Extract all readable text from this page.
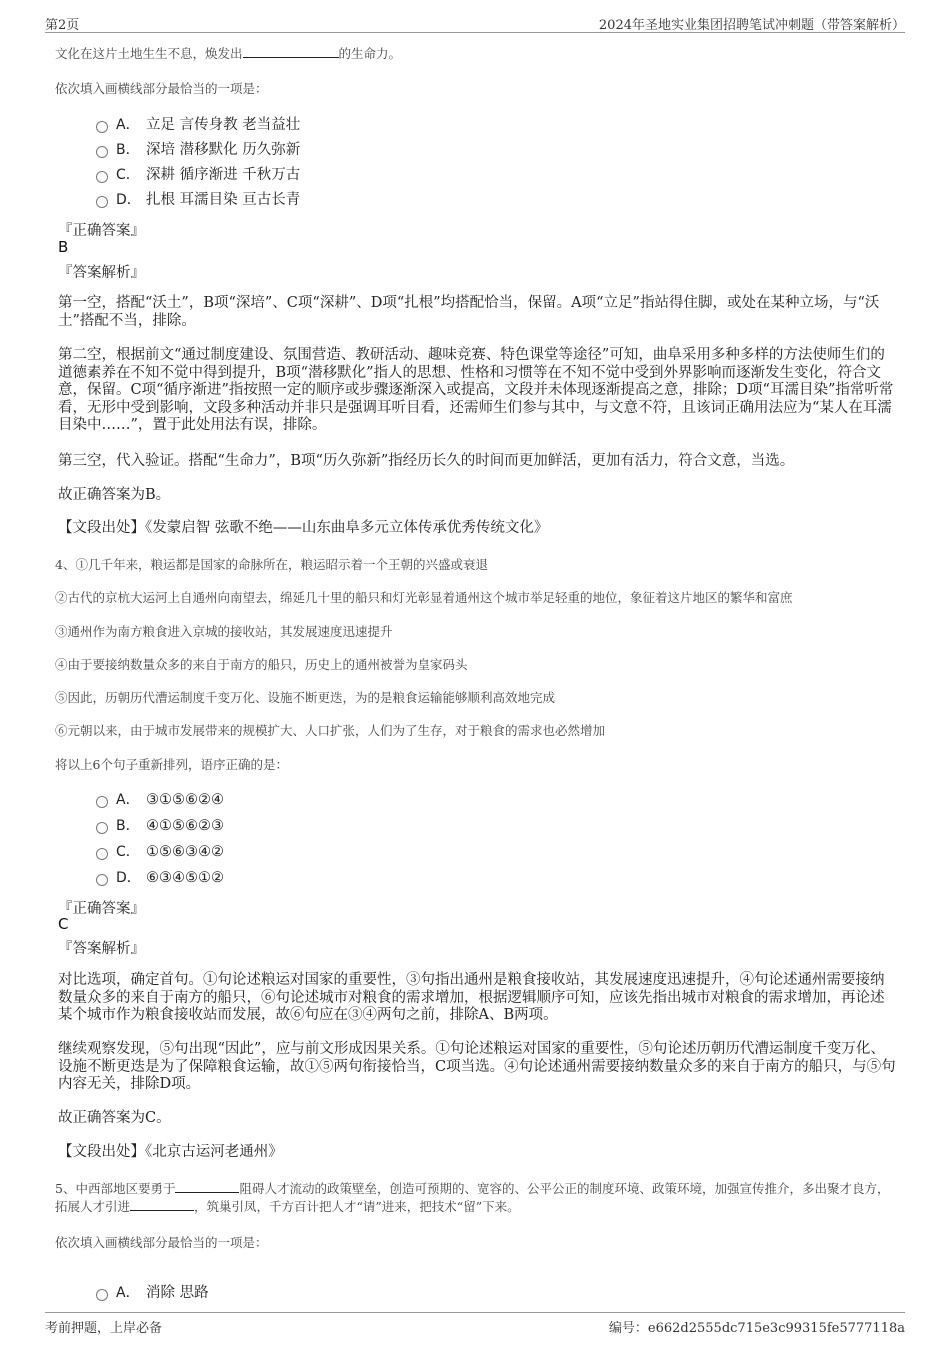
第2页	2024年圣地实业集团招聘笔试冲刺题（带答案解析）
文化在这片土地生生不息，焕发出	的生命力。
依次填入画横线部分最恰当的一项是：
A． 立足 言传身教 老当益壮
B． 深培 潜移默化 历久弥新
C． 深耕 循序渐进 千秋万古
D． 扎根 耳濡目染 亘古长青
『正确答案』
B
『答案解析』
第一空，搭配“沃土”，B项“深培”、C项“深耕”、D项“扎根”均搭配恰当，保留。A项“立足”指站得住脚，或处在某种立场，与“沃土”搭配不当，排除。
第二空，根据前文“通过制度建设、氛围营造、教研活动、趣味竞赛、特色课堂等途径”可知，曲阜采用多种多样的方法使师生们的道德素养在不知不觉中得到提升，B项“潜移默化”指人的思想、性格和习惯等在不知不觉中受到外界影响而逐渐发生变化，符合文意，保留。C项“循序渐进”指按照一定的顺序或步骤逐渐深入或提高，文段并未体现逐渐提高之意，排除；D项“耳濡目染”指常听常看，无形中受到影响，文段多种活动并非只是强调耳听目看，还需师生们参与其中，与文意不符，且该词正确用法应为“某人在耳濡目染中……”，置于此处用法有误，排除。
第三空，代入验证。搭配“生命力”，B项“历久弥新”指经历长久的时间而更加鲜活，更加有活力，符合文意，当选。
故正确答案为B。
【文段出处】《发蒙启智 弦歌不绝——山东曲阜多元立体传承优秀传统文化》
4、①几千年来，粮运都是国家的命脉所在，粮运昭示着一个王朝的兴盛或衰退
②古代的京杭大运河上自通州向南望去，绵延几十里的船只和灯光彰显着通州这个城市举足轻重的地位，象征着这片地区的繁华和富庶
③通州作为南方粮食进入京城的接收站，其发展速度迅速提升
④由于要接纳数量众多的来自于南方的船只，历史上的通州被誉为皇家码头
⑤因此，历朝历代漕运制度千变万化、设施不断更迭，为的是粮食运输能够顺利高效地完成
⑥元朝以来，由于城市发展带来的规模扩大、人口扩张，人们为了生存，对于粮食的需求也必然增加
将以上6个句子重新排列，语序正确的是：
A． ③①⑤⑥②④
B． ④①⑤⑥②③
C． ①⑤⑥③④②
D． ⑥③④⑤①②
『正确答案』
C
『答案解析』
对比选项，确定首句。①句论述粮运对国家的重要性，③句指出通州是粮食接收站，其发展速度迅速提升，④句论述通州需要接纳数量众多的来自于南方的船只，⑥句论述城市对粮食的需求增加，根据逻辑顺序可知，应该先指出城市对粮食的需求增加，再论述某个城市作为粮食接收站而发展，故⑥句应在③④两句之前，排除A、B两项。
继续观察发现，⑤句出现“因此”，应与前文形成因果关系。①句论述粮运对国家的重要性，⑤句论述历朝历代漕运制度千变万化、设施不断更迭是为了保障粮食运输，故①⑤两句衔接恰当，C项当选。④句论述通州需要接纳数量众多的来自于南方的船只，与⑤句内容无关，排除D项。
故正确答案为C。
【文段出处】《北京古运河老通州》
5、中西部地区要勇于	阻碍人才流动的政策壁垒，创造可预期的、宽容的、公平公正的制度环境、政策环境，加强宣传推介，多出聚才良方，拓展人才引进	，筑巢引凤，千方百计把人才“请”进来，把技术“留”下来。
依次填入画横线部分最恰当的一项是：
A． 消除 思路
考前押题，上岸必备	编号：e662d2555dc715e3c99315fe5777118a
